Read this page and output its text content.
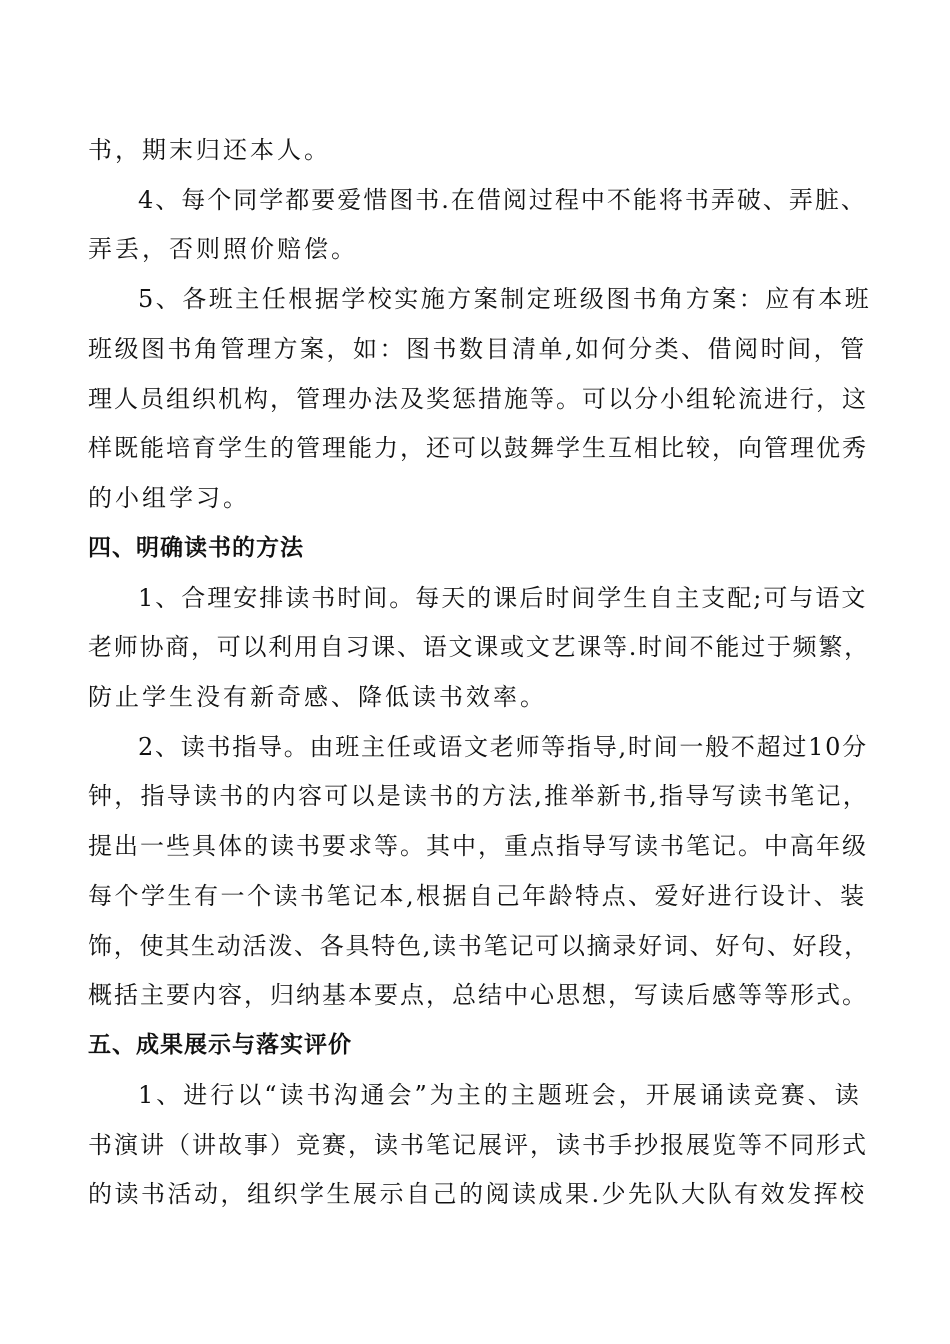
书，期末归还本人。
4、每个同学都要爱惜图书.在借阅过程中不能将书弄破、弄脏、
弄丢，否则照价赔偿。
5、各班主任根据学校实施方案制定班级图书角方案：应有本班
班级图书角管理方案，如：图书数目清单,如何分类、借阅时间，管
理人员组织机构，管理办法及奖惩措施等。可以分小组轮流进行，这
样既能培育学生的管理能力，还可以鼓舞学生互相比较，向管理优秀
的小组学习。
四、明确读书的方法
1、合理安排读书时间。每天的课后时间学生自主支配;可与语文
老师协商，可以利用自习课、语文课或文艺课等.时间不能过于频繁，
防止学生没有新奇感、降低读书效率。
2、读书指导。由班主任或语文老师等指导,时间一般不超过10分
钟，指导读书的内容可以是读书的方法,推举新书,指导写读书笔记，
提出一些具体的读书要求等。其中，重点指导写读书笔记。中高年级
每个学生有一个读书笔记本,根据自己年龄特点、爱好进行设计、装
饰，使其生动活泼、各具特色,读书笔记可以摘录好词、好句、好段，
概括主要内容，归纳基本要点，总结中心思想，写读后感等等形式。
五、成果展示与落实评价
1、进行以“读书沟通会”为主的主题班会，开展诵读竞赛、读
书演讲（讲故事）竞赛，读书笔记展评，读书手抄报展览等不同形式
的读书活动，组织学生展示自己的阅读成果.少先队大队有效发挥校
